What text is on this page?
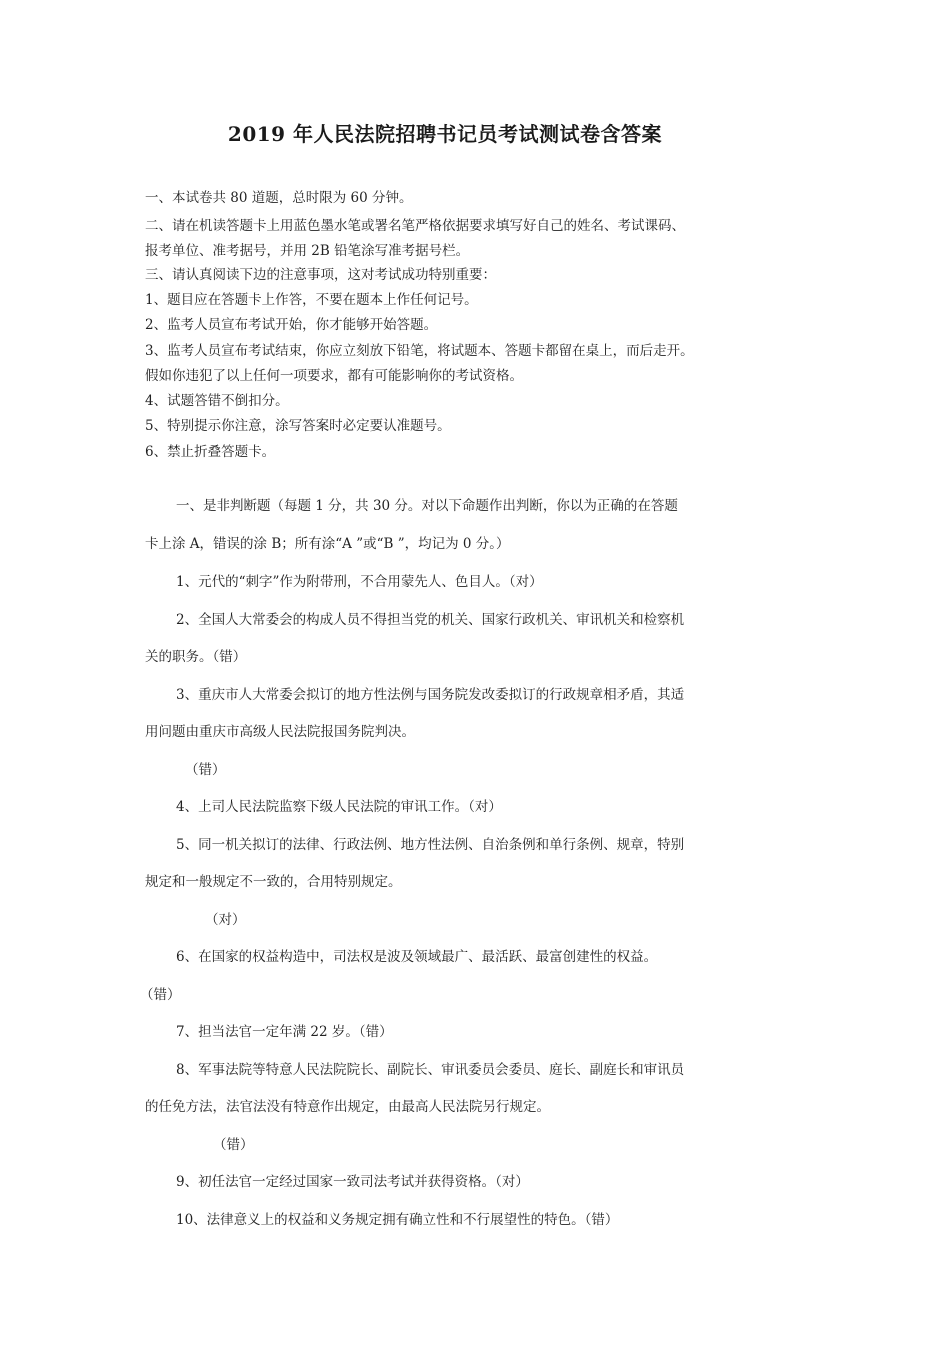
2019 年人民法院招聘书记员考试测试卷含答案

一、本试卷共 80 道题，总时限为 60 分钟。

二、请在机读答题卡上用蓝色墨水笔或署名笔严格依据要求填写好自己的姓名、考试课码、

报考单位、准考据号，并用 2B 铅笔涂写准考据号栏。

三、请认真阅读下边的注意事项，这对考试成功特别重要：

1、题目应在答题卡上作答，不要在题本上作任何记号。

2、监考人员宣布考试开始，你才能够开始答题。

3、监考人员宣布考试结束，你应立刻放下铅笔，将试题本、答题卡都留在桌上，而后走开。

假如你违犯了以上任何一项要求，都有可能影响你的考试资格。

4、试题答错不倒扣分。

5、特别提示你注意，涂写答案时必定要认准题号。

6、禁止折叠答题卡。

一、是非判断题（每题 1 分，共 30 分。对以下命题作出判断，你以为正确的在答题

卡上涂 A，错误的涂 B；所有涂“A ”或“B ”，均记为 0 分。）

1、元代的“刺字”作为附带刑，不合用蒙先人、色目人。（对）

2、全国人大常委会的构成人员不得担当党的机关、国家行政机关、审讯机关和检察机

关的职务。（错）

3、重庆市人大常委会拟订的地方性法例与国务院发改委拟订的行政规章相矛盾，其适

用问题由重庆市高级人民法院报国务院判决。

（错）

4、上司人民法院监察下级人民法院的审讯工作。（对）

5、同一机关拟订的法律、行政法例、地方性法例、自治条例和单行条例、规章，特别

规定和一般规定不一致的，合用特别规定。

（对）

6、在国家的权益构造中，司法权是波及领域最广、最活跃、最富创建性的权益。

（错）

7、担当法官一定年满 22 岁。（错）

8、军事法院等特意人民法院院长、副院长、审讯委员会委员、庭长、副庭长和审讯员

的任免方法，法官法没有特意作出规定，由最高人民法院另行规定。

（错）

9、初任法官一定经过国家一致司法考试并获得资格。（对）

10、法律意义上的权益和义务规定拥有确立性和不行展望性的特色。（错）
